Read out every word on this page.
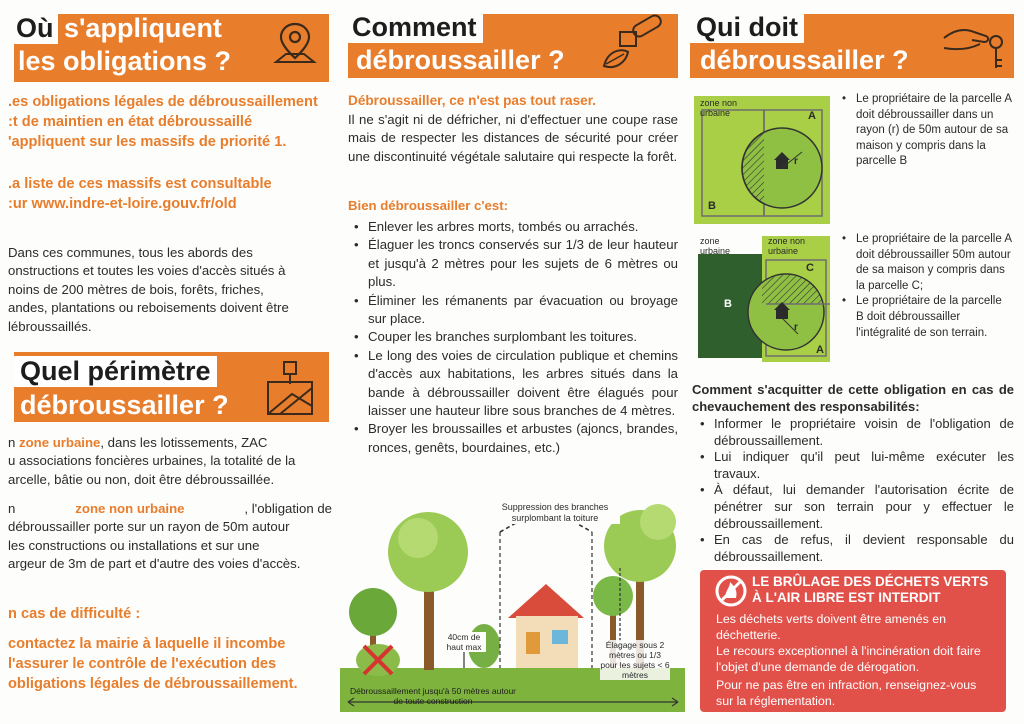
Où s'appliquent
les obligations ?
.es obligations légales de débroussaillement
:t de maintien en état débroussaillé
'appliquent sur les massifs de priorité 1.
.a liste de ces massifs est consultable
:ur www.indre-et-loire.gouv.fr/old
Dans ces communes, tous les abords des
onstructions et toutes les voies d'accès situés à
noins de 200 mètres de bois, forêts, friches,
andes, plantations ou reboisements doivent être
lébroussaillés.
Quel périmètre
débroussailler ?
n zone urbaine, dans les lotissements, ZAC
u associations foncières urbaines, la totalité de la
arcelle, bâtie ou non, doit être débroussaillée.
n	zone non urbaine	, l'obligation de
débroussailler porte sur un rayon de 50m autour
les constructions ou installations et sur une
argeur de 3m de part et d'autre des voies d'accès.
n cas de difficulté :
contactez la mairie à laquelle il incombe
l'assurer le contrôle de l'exécution des
obligations légales de débroussaillement.
Comment
débroussailler ?
Débroussailler, ce n'est pas tout raser.
Il ne s'agit ni de défricher, ni d'effectuer une coupe rase mais de respecter les distances de sécurité pour créer une discontinuité végétale salutaire qui respecte la forêt.
Bien débroussailler c'est:
• Enlever les arbres morts, tombés ou arrachés.
• Élaguer les troncs conservés sur 1/3 de leur hauteur et jusqu'à 2 mètres pour les sujets de 6 mètres ou plus.
• Éliminer les rémanents par évacuation ou broyage sur place.
• Couper les branches surplombant les toitures.
• Le long des voies de circulation publique et chemins d'accès aux habitations, les arbres situés dans la bande à débroussailler doivent être élagués pour laisser une hauteur libre sous branches de 4 mètres.
• Broyer les broussailles et arbustes (ajoncs, brandes, ronces, genêts, bourdaines, etc.)
Suppression des branches surplombant la toiture
40cm de haut max	Élagage sous 2 mètres ou 1/3 pour les sujets < 6 mètres
Débroussaillement jusqu'à 50 mètres autour de toute construction
Qui doit
débroussailler ?
zone non urbaine	A
B
r
• Le propriétaire de la parcelle A doit débroussailler dans un rayon (r) de 50m autour de sa maison y compris dans la parcelle B
zone urbaine
zone non urbaine
B
C
A
r
• Le propriétaire de la parcelle A doit débroussailler 50m autour de sa maison y compris dans la parcelle C;
• Le propriétaire de la parcelle B doit débroussailler l'intégralité de son terrain.
Comment s'acquitter de cette obligation en cas de chevauchement des responsabilités:
• Informer le propriétaire voisin de l'obligation de débroussaillement.
• Lui indiquer qu'il peut lui-même exécuter les travaux.
• À défaut, lui demander l'autorisation écrite de pénétrer sur son terrain pour y effectuer le débroussaillement.
• En cas de refus, il devient responsable du débroussaillement.
LE BRÛLAGE DES DÉCHETS VERTS
À L'AIR LIBRE EST INTERDIT
Les déchets verts doivent être amenés en déchetterie.
Le recours exceptionnel à l'incinération doit faire l'objet d'une demande de dérogation.
Pour ne pas être en infraction, renseignez-vous sur la réglementation.
